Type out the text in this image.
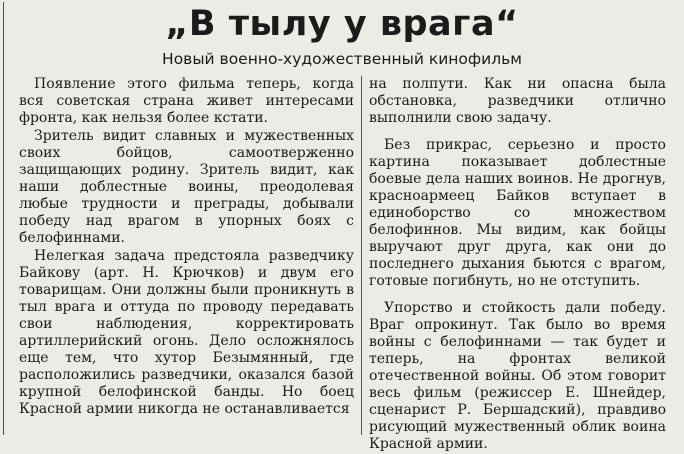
„В тылу у врага“
Новый военно-художественный кинофильм

Появление этого фильма теперь, когда вся советская страна живет интересами фронта, как нельзя более кстати.

Зритель видит славных и мужественных своих бойцов, самоотверженно защищающих родину. Зритель видит, как наши доблестные воины, преодолевая любые трудности и преграды, добывали победу над врагом в упорных боях с белофиннами.

Нелегкая задача предстояла разведчику Байкову (арт. Н. Крючков) и двум его товарищам. Они должны были проникнуть в тыл врага и оттуда по проводу передавать свои наблюдения, корректировать артиллерийский огонь. Дело осложнялось еще тем, что хутор Безымянный, где расположились разведчики, оказался базой крупной белофинской банды. Но боец Красной армии никогда не останавливается

на полпути. Как ни опасна была обстановка, разведчики отлично выполнили свою задачу.

Без прикрас, серьезно и просто картина показывает доблестные боевые дела наших воинов. Не дрогнув, красноармеец Байков вступает в единоборство со множеством белофиннов. Мы видим, как бойцы выручают друг друга, как они до последнего дыхания бьются с врагом, готовые погибнуть, но не отступить.

Упорство и стойкость дали победу. Враг опрокинут. Так было во время войны с белофиннами — так будет и теперь, на фронтах великой отечественной войны. Об этом говорит весь фильм (режиссер Е. Шнейдер, сценарист Р. Бершадский), правдиво рисующий мужественный облик воина Красной армии.
